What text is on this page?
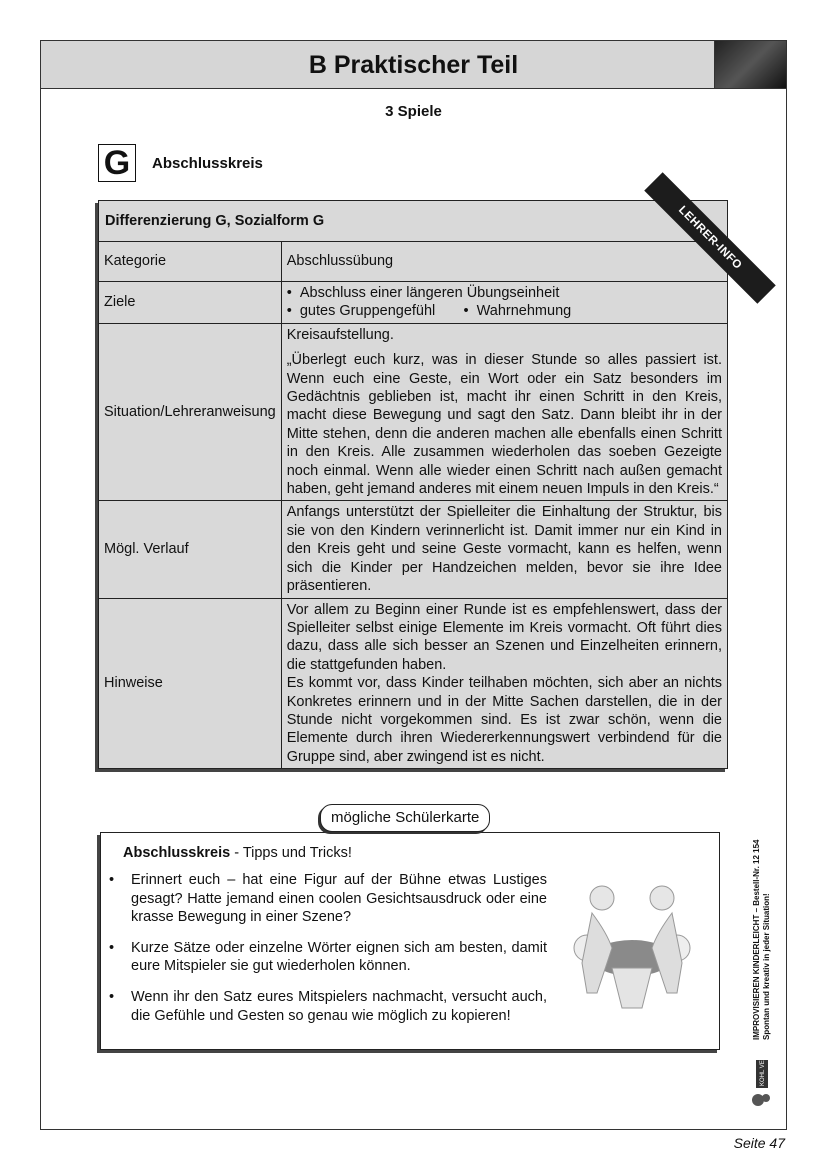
B Praktischer Teil
3 Spiele
G	Abschlusskreis
Differenzierung G, Sozialform G	
Kategorie	Abschlussübung
Ziele	•  Abschluss einer längeren Übungseinheit
•  gutes Gruppengefühl       •  Wahrnehmung

Situation/Lehreranweisung	Kreisaufstellung.
„Überlegt euch kurz, was in dieser Stunde so alles passiert ist. Wenn euch eine Geste, ein Wort oder ein Satz besonders im Gedächtnis geblieben ist, macht ihr einen Schritt in den Kreis, macht diese Bewegung und sagt den Satz. Dann bleibt ihr in der Mitte stehen, denn die anderen machen alle ebenfalls einen Schritt in den Kreis. Alle zusammen wiederholen das soeben Gezeigte noch einmal. Wenn alle wieder einen Schritt nach außen gemacht haben, geht jemand anderes mit einem neuen Impuls in den Kreis.“

Mögl. Verlauf	Anfangs unterstützt der Spielleiter die Einhaltung der Struktur, bis sie von den Kindern verinnerlicht ist. Damit immer nur ein Kind in den Kreis geht und seine Geste vormacht, kann es helfen, wenn sich die Kinder per Handzeichen melden, bevor sie ihre Idee präsentieren.
Hinweise	Vor allem zu Beginn einer Runde ist es empfehlenswert, dass der Spielleiter selbst einige Elemente im Kreis vormacht. Oft führt dies dazu, dass alle sich besser an Szenen und Einzelheiten erinnern, die stattgefunden haben.
Es kommt vor, dass Kinder teilhaben möchten, sich aber an nichts Konkretes erinnern und in der Mitte Sachen darstellen, die in der Stunde nicht vorgekommen sind. Es ist zwar schön, wenn die Elemente durch ihren Wiedererkennungswert verbindend für die Gruppe sind, aber zwingend ist es nicht.
LEHRER-INFO
Abschlusskreis - Tipps und Tricks!
• Erinnert euch – hat eine Figur auf der Bühne etwas Lustiges gesagt? Hatte jemand einen coolen Gesichtsausdruck oder eine krasse Bewegung in einer Szene?
• Kurze Sätze oder einzelne Wörter eignen sich am besten, damit eure Mitspieler sie gut wiederholen können.
• Wenn ihr den Satz eures Mitspielers nachmacht, versucht auch, die Gefühle und Gesten so genau wie möglich zu kopieren!
mögliche Schülerkarte
IMPROVISIEREN KINDERLEICHT – Bestell-Nr. 12 154 Spontan und kreativ in jeder Situation!
KOHL VERLAG
Seite 47
